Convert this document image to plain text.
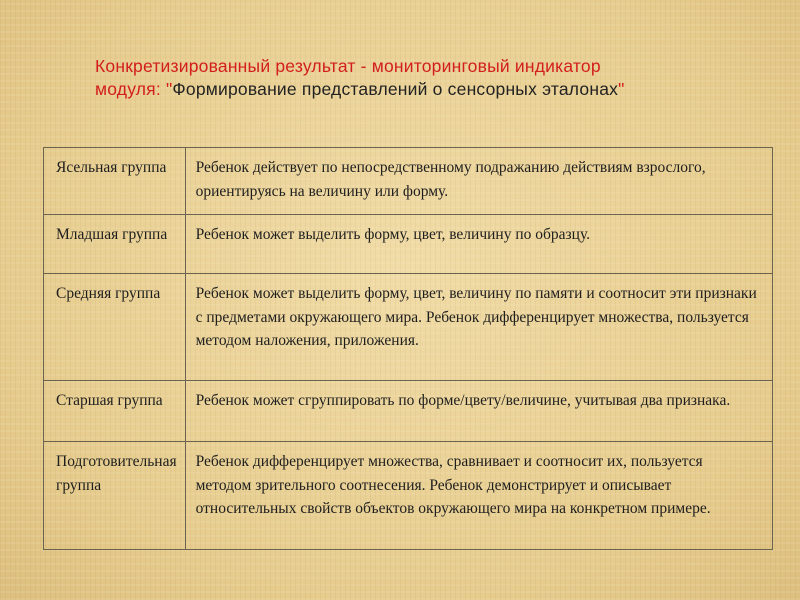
Конкретизированный результат - мониторинговый индикатор
модуля: "Формирование представлений о сенсорных эталонах"
Ясельная группа	Ребенок действует по непосредственному подражанию действиям взрослого, ориентируясь на величину или форму.
Младшая группа	Ребенок может выделить форму, цвет, величину по образцу.
Средняя группа	Ребенок может выделить форму, цвет, величину по памяти и соотносит эти признаки с предметами окружающего мира. Ребенок дифференцирует множества, пользуется методом наложения, приложения.
Старшая группа	Ребенок может сгруппировать по форме/цвету/величине, учитывая два признака.
Подготовительная группа	Ребенок дифференцирует множества, сравнивает и соотносит их, пользуется методом зрительного соотнесения. Ребенок демонстрирует и описывает относительных свойств объектов окружающего мира на конкретном примере.
